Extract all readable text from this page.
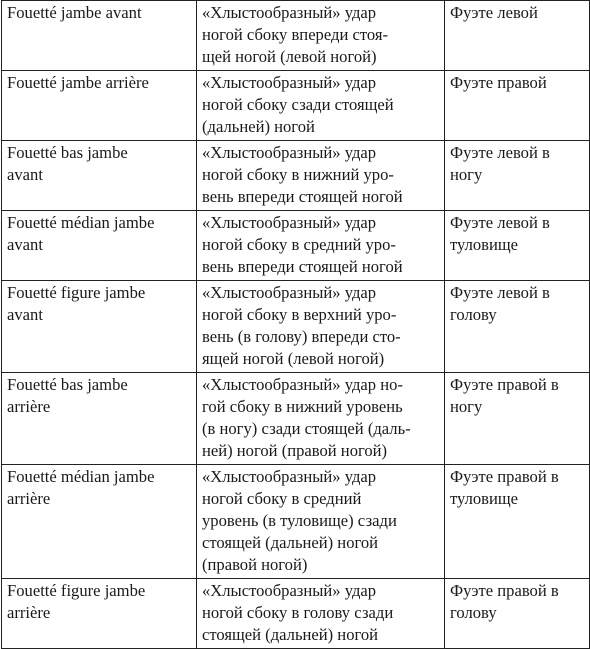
Fouetté jambe avant	«Хлыстообразный» удар
ногой сбоку впереди стоя-
щей ногой (левой ногой)	Фуэте левой
Fouetté jambe arrière	«Хлыстообразный» удар
ногой сбоку сзади стоящей
(дальней) ногой	Фуэте правой
Fouetté bas jambe
avant	«Хлыстообразный» удар
ногой сбоку в нижний уро-
вень впереди стоящей ногой	Фуэте левой в
ногу
Fouetté médian jambe
avant	«Хлыстообразный» удар
ногой сбоку в средний уро-
вень впереди стоящей ногой	Фуэте левой в
туловище
Fouetté figure jambe
avant	«Хлыстообразный» удар
ногой сбоку в верхний уро-
вень (в голову) впереди сто-
ящей ногой (левой ногой)	Фуэте левой в
голову
Fouetté bas jambe
arrière	«Хлыстообразный» удар но-
гой сбоку в нижний уровень
(в ногу) сзади стоящей (даль-
ней) ногой (правой ногой)	Фуэте правой в
ногу
Fouetté médian jambe
arrière	«Хлыстообразный» удар
ногой сбоку в средний
уровень (в туловище) сзади
стоящей (дальней) ногой
(правой ногой)	Фуэте правой в
туловище
Fouetté figure jambe
arrière	«Хлыстообразный» удар
ногой сбоку в голову сзади
стоящей (дальней) ногой	Фуэте правой в
голову
